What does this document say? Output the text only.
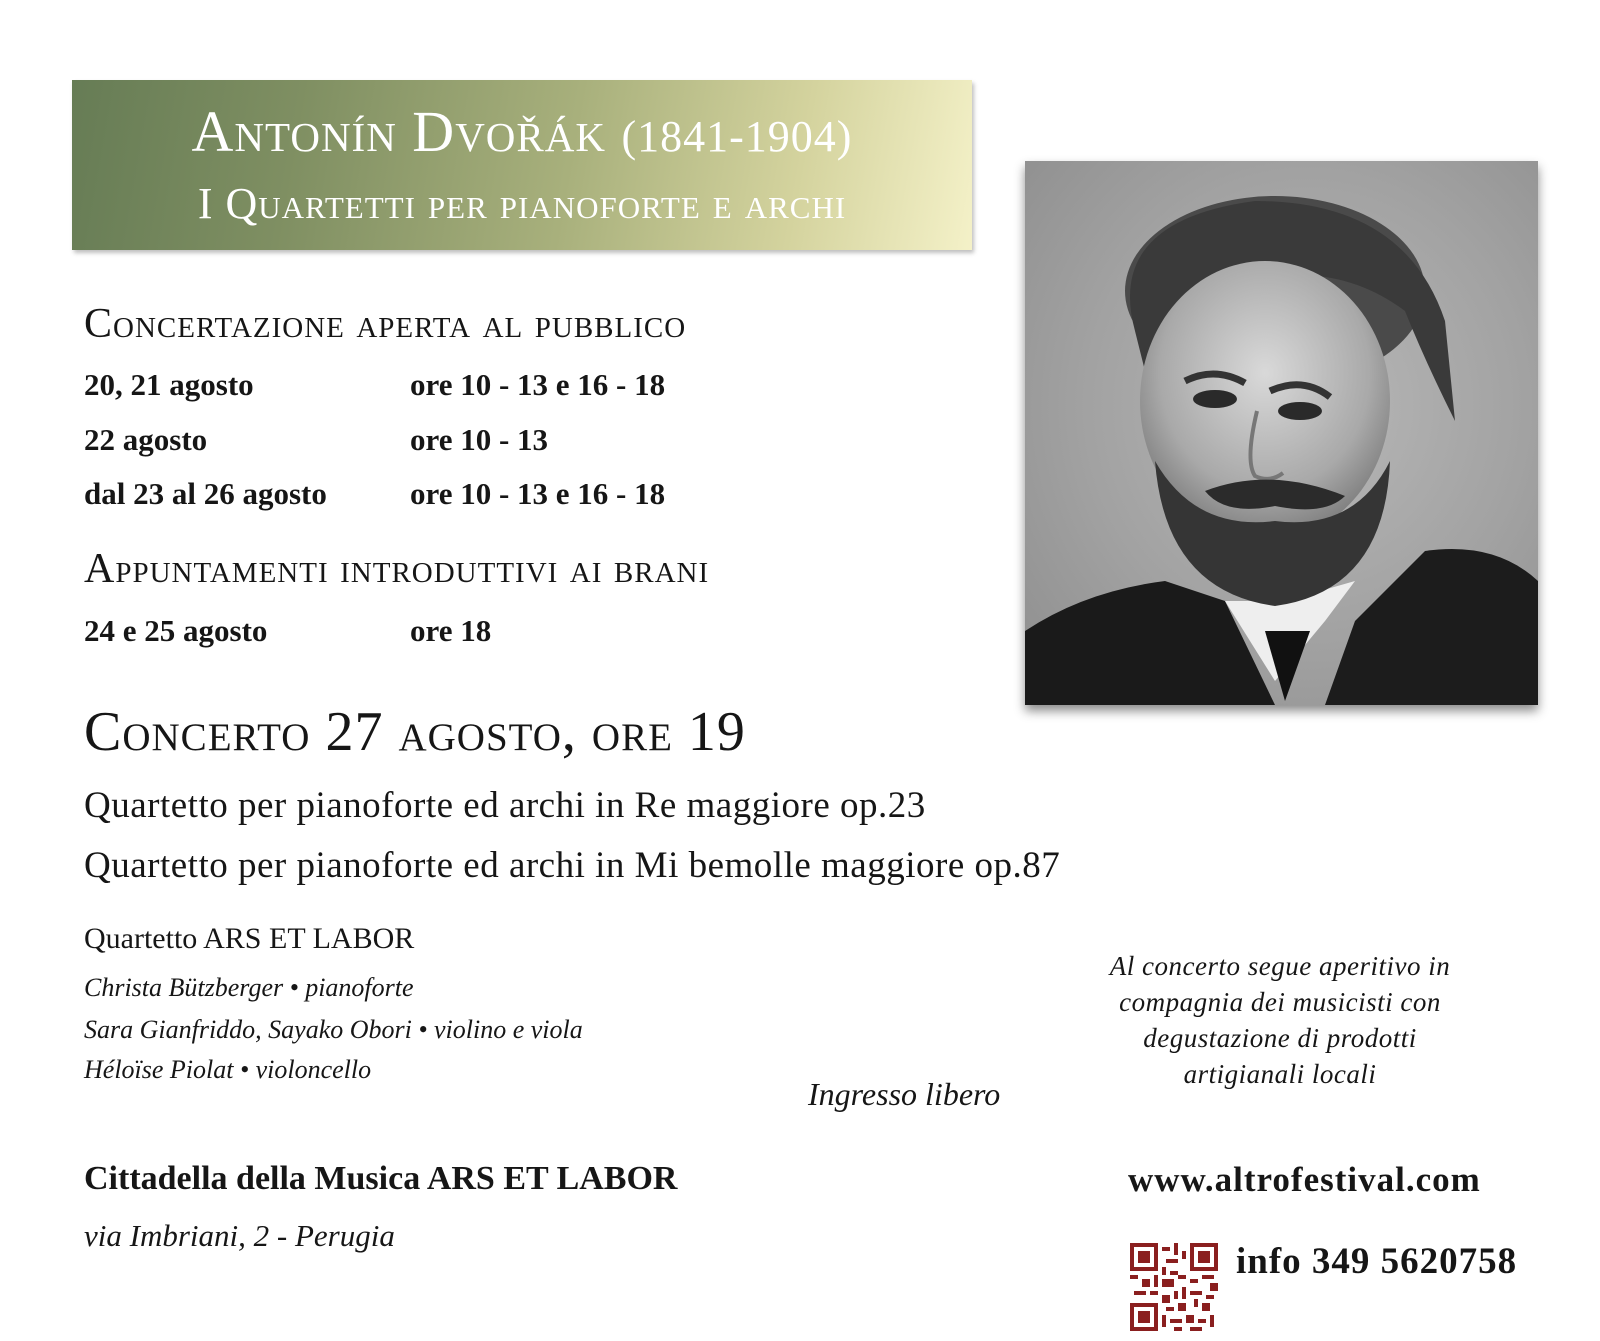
Antonín Dvořák (1841-1904)
I Quartetti per pianoforte e archi
Concertazione aperta al pubblico
20, 21 agosto	ore 10 - 13 e 16 - 18
22 agosto	ore 10 - 13
dal 23 al 26 agosto	ore 10 - 13 e 16 - 18
Appuntamenti introduttivi ai brani
24 e 25 agosto	ore 18
Concerto 27 agosto, ore 19
Quartetto per pianoforte ed archi in Re maggiore op.23
Quartetto per pianoforte ed archi in Mi bemolle maggiore op.87
Quartetto ARS ET LABOR
Christa Bützberger • pianoforte
Sara Gianfriddo, Sayako Obori • violino e viola
Héloïse Piolat • violoncello
Ingresso libero
Al concerto segue aperitivo in
compagnia dei musicisti con
degustazione di prodotti
artigianali locali
Cittadella della Musica ARS ET LABOR
via Imbriani, 2 - Perugia
www.altrofestival.com
info 349 5620758
